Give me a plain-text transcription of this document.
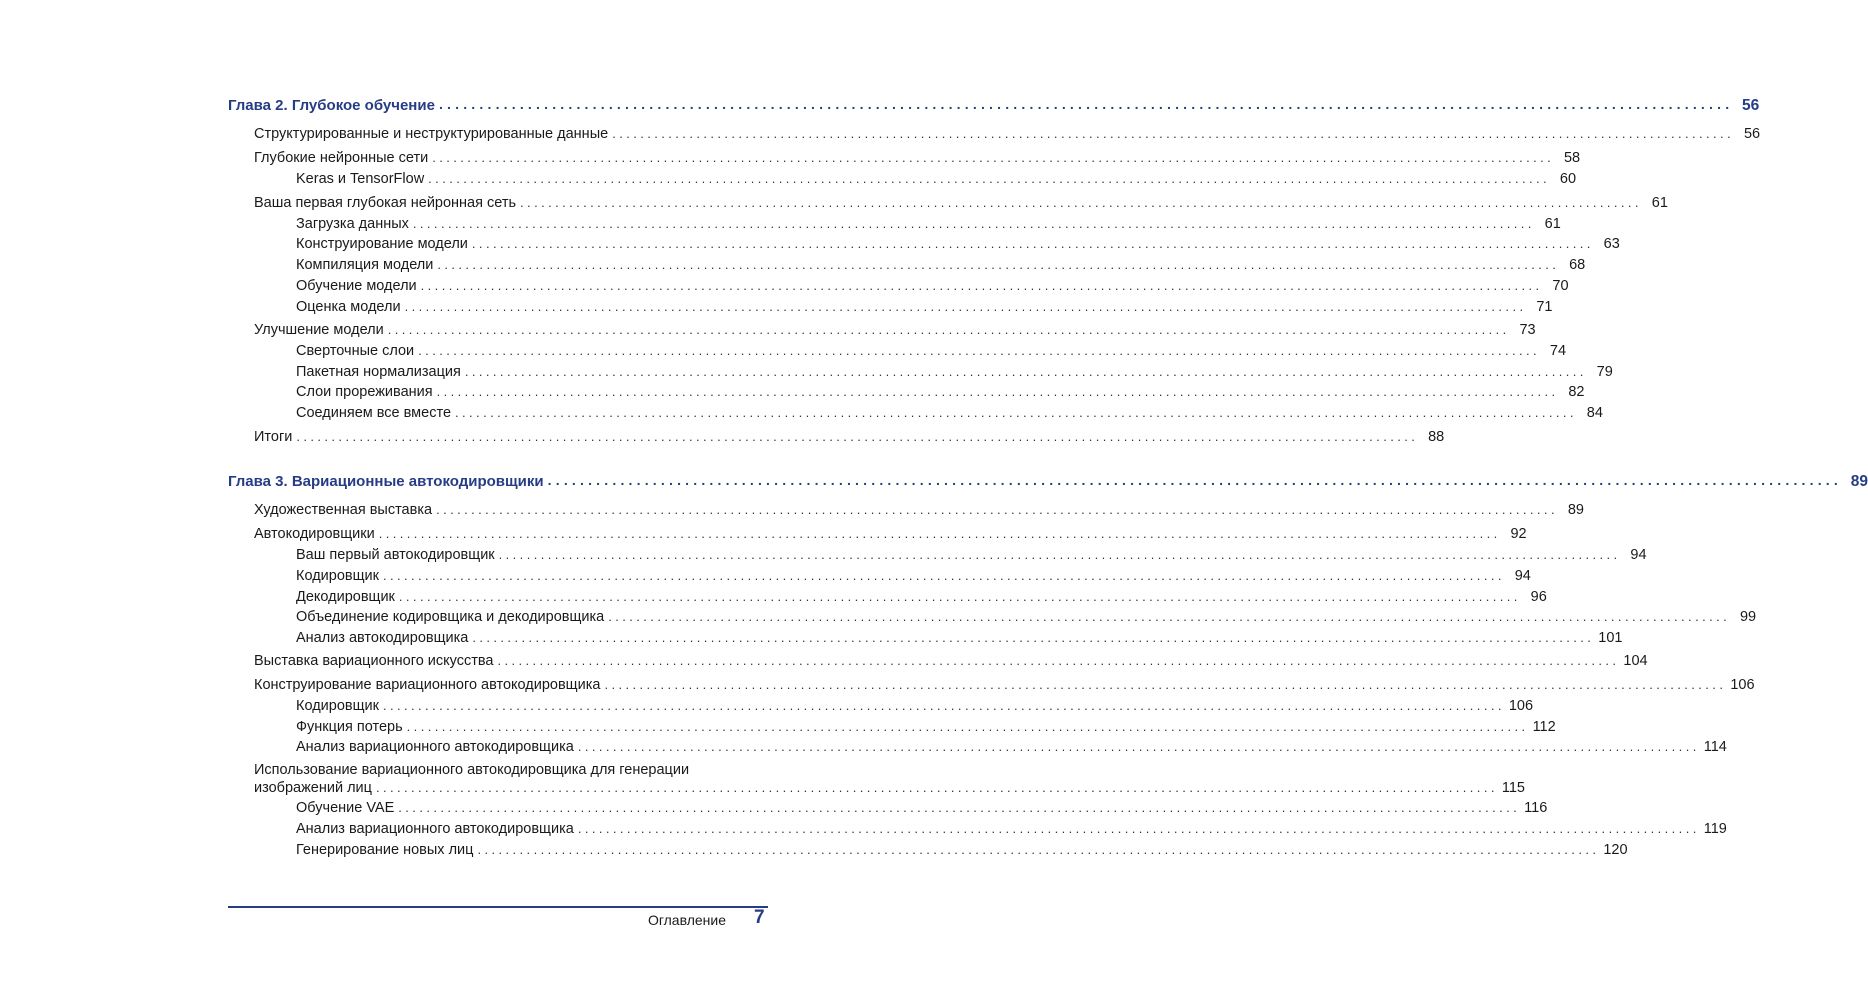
Глава 2. Глубокое обучение ................................................................................................................................................................ 56
Структурированные и неструктурированные данные ................................................................................................................................................................ 56
Глубокие нейронные сети ................................................................................................................................................................ 58
Keras и TensorFlow ................................................................................................................................................................ 60
Ваша первая глубокая нейронная сеть ................................................................................................................................................................ 61
Загрузка данных ................................................................................................................................................................ 61
Конструирование модели ................................................................................................................................................................ 63
Компиляция модели ................................................................................................................................................................ 68
Обучение модели ................................................................................................................................................................ 70
Оценка модели ................................................................................................................................................................ 71
Улучшение модели ................................................................................................................................................................ 73
Сверточные слои ................................................................................................................................................................ 74
Пакетная нормализация ................................................................................................................................................................ 79
Слои прореживания ................................................................................................................................................................ 82
Соединяем все вместе ................................................................................................................................................................ 84
Итоги ................................................................................................................................................................ 88
Глава 3. Вариационные автокодировщики ................................................................................................................................................................ 89
Художественная выставка ................................................................................................................................................................ 89
Автокодировщики ................................................................................................................................................................ 92
Ваш первый автокодировщик ................................................................................................................................................................ 94
Кодировщик ................................................................................................................................................................ 94
Декодировщик ................................................................................................................................................................ 96
Объединение кодировщика и декодировщика ................................................................................................................................................................ 99
Анализ автокодировщика ................................................................................................................................................................ 101
Выставка вариационного искусства ................................................................................................................................................................ 104
Конструирование вариационного автокодировщика ................................................................................................................................................................ 106
Кодировщик ................................................................................................................................................................ 106
Функция потерь ................................................................................................................................................................ 112
Анализ вариационного автокодировщика ................................................................................................................................................................ 114
Использование вариационного автокодировщика для генерации
изображений лиц ................................................................................................................................................................ 115
Обучение VAE ................................................................................................................................................................ 116
Анализ вариационного автокодировщика ................................................................................................................................................................ 119
Генерирование новых лиц ................................................................................................................................................................ 120
Оглавление 7
